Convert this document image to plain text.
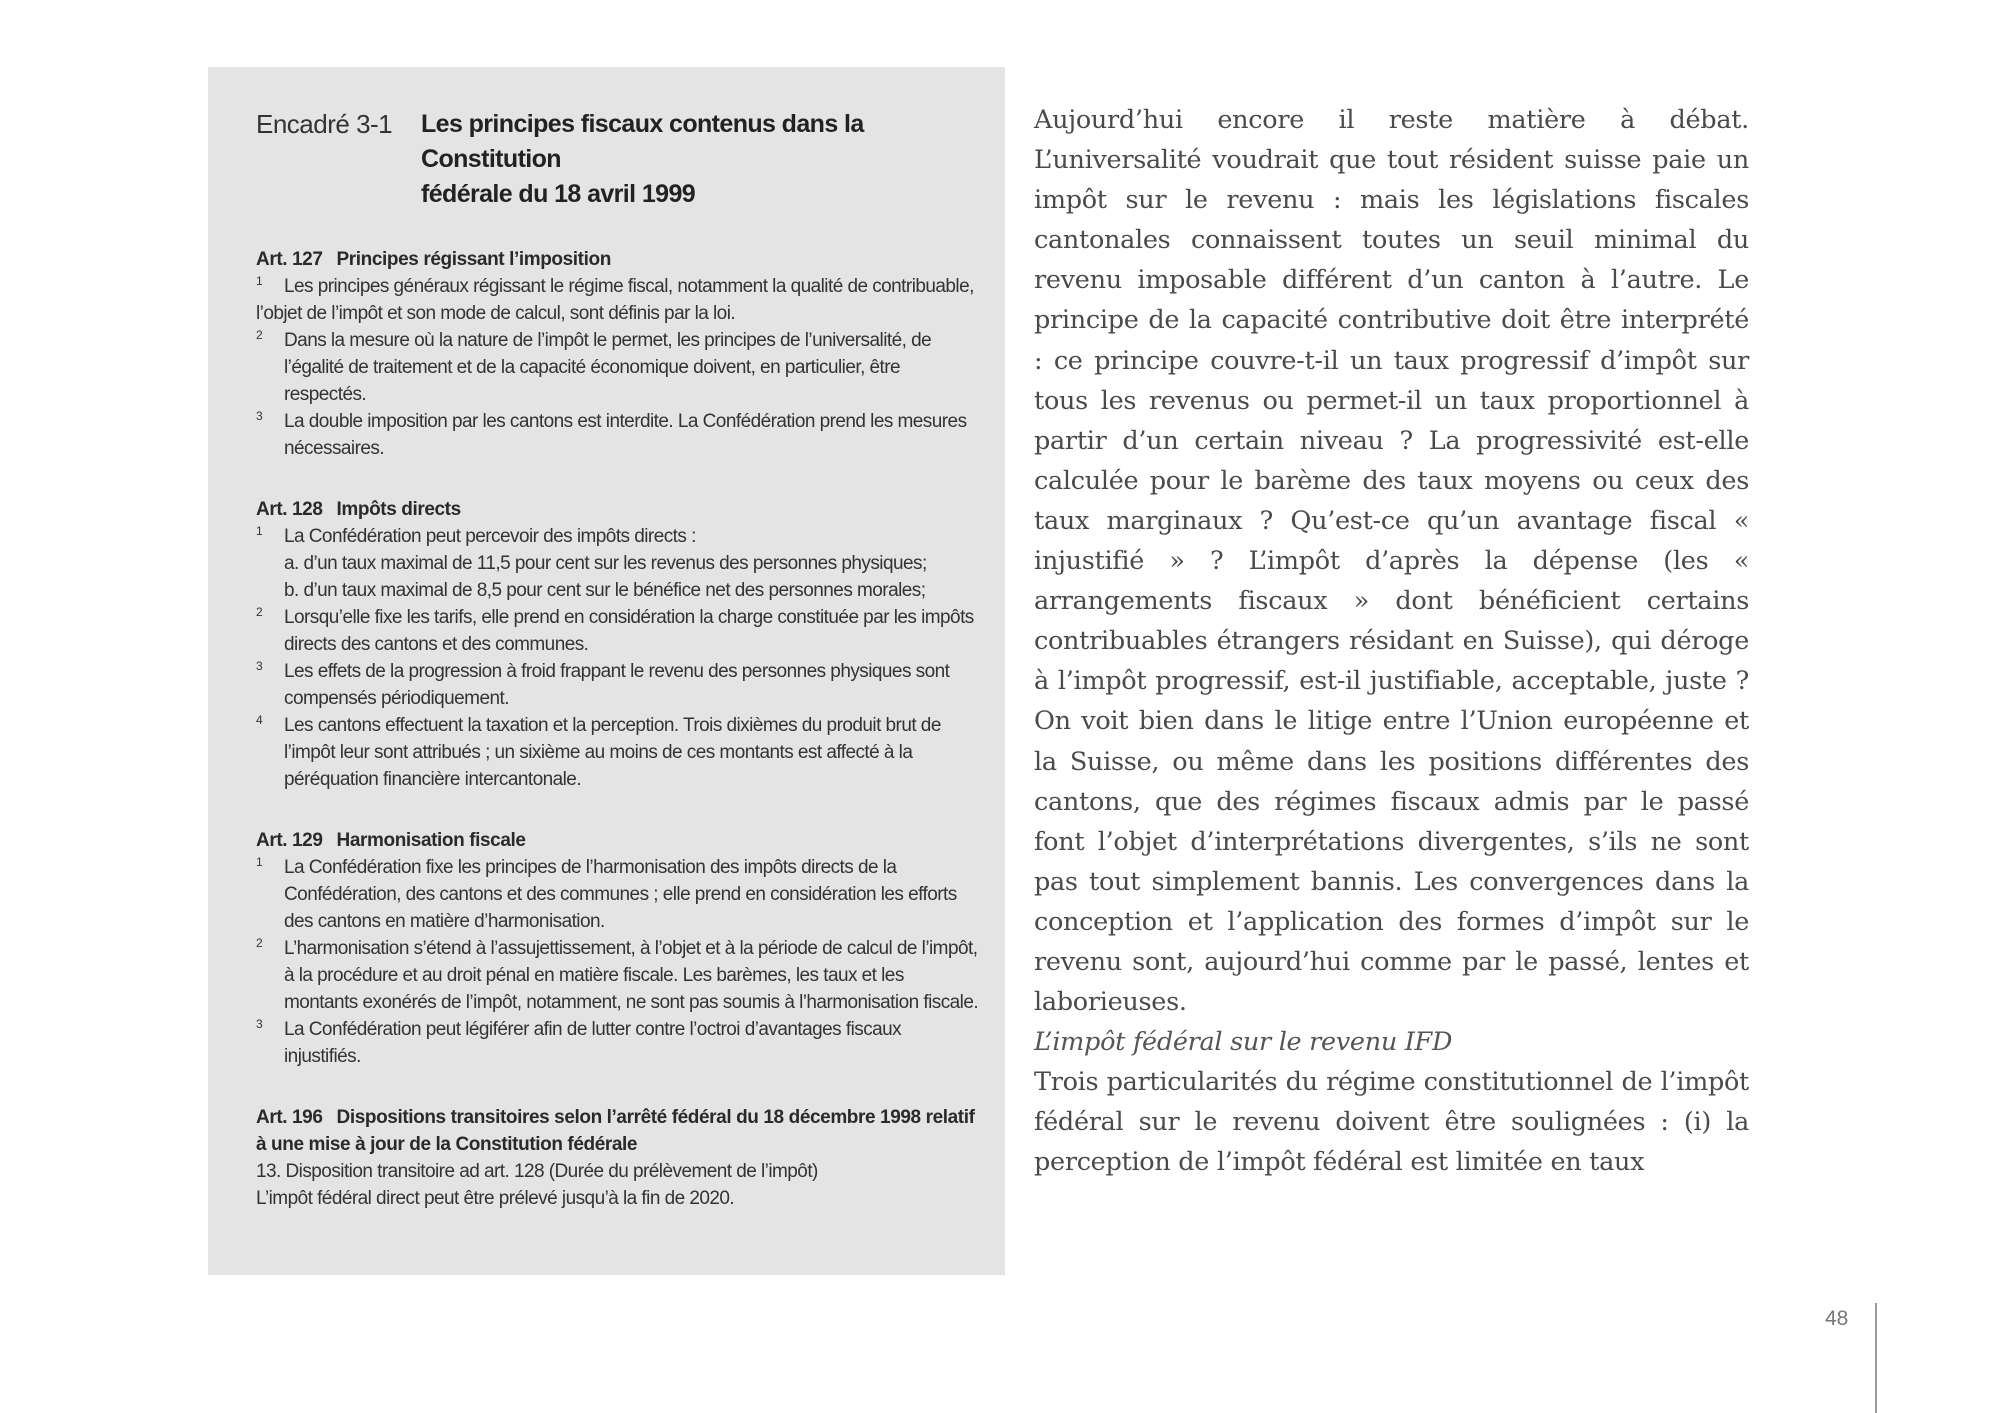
Encadré 3-1	Les principes fiscaux contenus dans la Constitution
fédérale du 18 avril 1999
Art. 127 Principes régissant l’imposition
1 Les principes généraux régissant le régime fiscal, notamment la qualité de contribuable, l’objet de l’impôt et son mode de calcul, sont définis par la loi.
2 Dans la mesure où la nature de l’impôt le permet, les principes de l’universalité, de l’égalité de traitement et de la capacité économique doivent, en particulier, être respectés.
3 La double imposition par les cantons est interdite. La Confédération prend les mesures nécessaires.
Art. 128 Impôts directs
1 La Confédération peut percevoir des impôts directs :
a. d’un taux maximal de 11,5 pour cent sur les revenus des personnes physiques;
b. d’un taux maximal de 8,5 pour cent sur le bénéfice net des personnes morales;
2 Lorsqu’elle fixe les tarifs, elle prend en considération la charge constituée par les impôts directs des cantons et des communes.
3 Les effets de la progression à froid frappant le revenu des personnes physiques sont compensés périodiquement.
4 Les cantons effectuent la taxation et la perception. Trois dixièmes du produit brut de l’impôt leur sont attribués ; un sixième au moins de ces montants est affecté à la péréquation financière intercantonale.
Art. 129 Harmonisation fiscale
1 La Confédération fixe les principes de l’harmonisation des impôts directs de la Confédération, des cantons et des communes ; elle prend en considération les efforts des cantons en matière d’harmonisation.
2 L’harmonisation s’étend à l’assujettissement, à l’objet et à la période de calcul de l’impôt, à la procédure et au droit pénal en matière fiscale. Les barèmes, les taux et les montants exonérés de l’impôt, notamment, ne sont pas soumis à l’harmonisation fiscale.
3 La Confédération peut légiférer afin de lutter contre l’octroi d’avantages fiscaux injustifiés.
Art. 196 Dispositions transitoires selon l’arrêté fédéral du 18 décembre 1998 relatif à une mise à jour de la Constitution fédérale
13. Disposition transitoire ad art. 128 (Durée du prélèvement de l’impôt)
L’impôt fédéral direct peut être prélevé jusqu’à la fin de 2020.

Aujourd’hui encore il reste matière à débat. L’universalité voudrait que tout résident suisse paie un impôt sur le revenu : mais les législations fiscales cantonales connaissent toutes un seuil minimal du revenu imposable différent d’un canton à l’autre. Le principe de la capacité contributive doit être interprété : ce principe couvre-t-il un taux progressif d’impôt sur tous les revenus ou permet-il un taux proportionnel à partir d’un certain niveau ? La progressivité est-elle calculée pour le barème des taux moyens ou ceux des taux marginaux ? Qu’est-ce qu’un avantage fiscal « injustifié » ? L’impôt d’après la dépense (les « arrangements fiscaux » dont bénéficient certains contribuables étrangers résidant en Suisse), qui déroge à l’impôt progressif, est-il justifiable, acceptable, juste ? On voit bien dans le litige entre l’Union européenne et la Suisse, ou même dans les positions différentes des cantons, que des régimes fiscaux admis par le passé font l’objet d’interprétations divergentes, s’ils ne sont pas tout simplement bannis. Les convergences dans la conception et l’application des formes d’impôt sur le revenu sont, aujourd’hui comme par le passé, lentes et laborieuses.

L’impôt fédéral sur le revenu IFD

Trois particularités du régime constitutionnel de l’impôt fédéral sur le revenu doivent être soulignées : (i) la perception de l’impôt fédéral est limitée en taux

48
